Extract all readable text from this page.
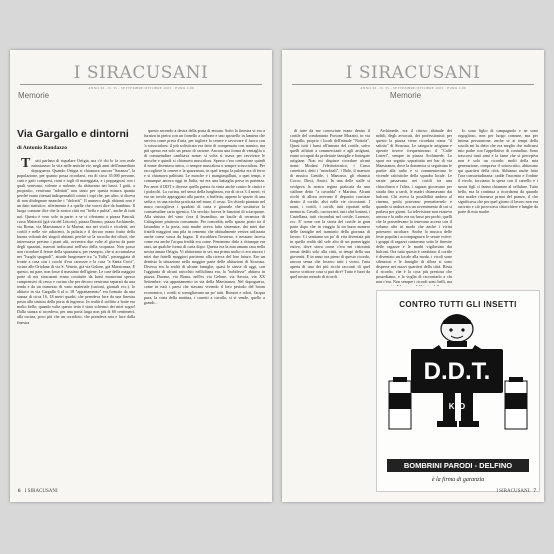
I SIRACUSANI
ANNO XI - N. 55 - SETTEMBRE/OTTOBRE 2005 - EURO 2,00
Memorie
Via Gargallo e dintorni
di Antonio Randazzo

T utti parlano di riqualare Ortigia, ma c'è chi lo fa con reale entusiasmo: la vita nelle antiche vie, negli anni dell'immediato dopoguerra. Quando Ortigia si chiamava ancora "Saranza", la popolazione, per quanto possa ricordarsi, era di circa 35.000 persone, cani e gatti compresi, rioni e togli di mareggiata, e i poppagnosi con i quali venivano, volente o nolente, da abitavano nei bassi. I gatti, a proposito, venivano "adottati" non tanto per questa misura quanto perché erano ritenuti indispensabili contro i topi che, per altro, si diceva di non disdegnare neanche i "dolcetti". Il numero degli abitanti non è un dato statistico: riferimento è a quelle che vorrei dire da bambino. Il luogo comune dice che la nostra città era "bella e pulita", anche di tutti noi. Questo è vero solo in parte: e se ci riferiamo a piazza Pancali, corso Matteotti (già via del Littorio), piazza Duomo, piazza Archimede, via Roma, via Maestranza e la Marina, ma nei vicoli e vicoletti, nei cortili e nelle vie adiacenti, la pulizia e il decoro erano frutto della buona volontà dei singoli abitanti perché so la raccolta dei rifiuti, che interessava persino i piani alti, avveniva due volte al giorno da parte degli spazzini, maestri indiscussi nell'uso della scopazza. Non posso non ricordare il fetore della spazzatura, per esempio, che si accumulava nei "luoghi spagnoli", attuale lungomare tra "a Tullu", passeggiata di fronte a casa con i cocchi d'era carrozze e la cosa "a Santa Croci", vicino alle Ortolane di via S. Veneto, già via Gelone, già Maestranza. E questo, mi pare, non fosse il massimo dell'igiene. Le case della maggior parte di noi siracusani erano costituite da bassi monovani spesso comprensivi di cesso e cucina che per decoro venivano separati da una tenda e da un tramezzo di vario materiale (cartoni, giornali ecc.). Io abitavo in via Gargallo 6 al n. 18 "appartamento" era formato da una stanza di circa 16, 18 metri quadri, che prendeva luce da una finestra posta alla sinistra della porta di ingresso. In realtà il soffitto a botte era molto bello; quando volte questo tetto è stato schermo dei miei sogni! Dalla stanza si accedeva, per una porta larga non più di 60 centimetri, alla cucina, poco più che un corridoio, che prendeva aria e luce dalla finestra

questo secondo a destra della porta di entrata. Sotto la finestra vi era u furnizu in pietra con un fornello a carbone e uno spostello in lamiera che serviva come presa d'aria, per togliere la cenere e ravvivare il fuoco con 'a sciuscialoru: il più sofisticato era fatto di compensato con manico, ma più spesso era solo un pezzo di cartone. Ancora una forma di ventaglio o di consuetudine cambiava nome: si volta si usava per ravvivare le mosche e quindi si chiamava muscaloru. Spesso c'era confusione quindi il nome diventava unico, o sempre muscaloru o sempre sciuscialoru. Per raccogliere la cenere e la spazzatura, in quel tempo la paletta era di ferro e si chiamava palittuni. Le mosche e i mangiaspilluni, a quei tempi, e comunque ancora oggi in Italia, mi era una battaglia persa in partenza. Per aerei il DDT e diverse quella guerra fu vinta anche contro le cimici e i pidocchi. La cucina, nel senso della lunghezza, era di circa 3 4 metri; vi era un tavolo appoggiato alla parete, a buffetta, appena lo spazio di una sedia e, in una nicchia praticata nel muro, il cesso. Un chiodo piantato nel muro raccoglieva i quadrati di carta e giornale che sostituiva la consuetudine carta igienica. Un secchio faceva le funzioni di sciacquone. Alla sinistra del vano c'era il lavandino, un bacile di ceramica di Caltagirone piuttosto consumato. Per comodità, nello spazio posto tra il lavandino e la porta, mia madre aveva fatto sistemare, dai miei due fratelli maggiori una pila in cemento che abitualmente veniva utilizzata anche come vasca da bagno. Il riscaldava l'inverno, e nessuno faceva come era anche l'acqua fredda era come. Fenomeno dirlo a chiunque era anzi, un qualche forma di carta dopo. Questa era la mia umana casa nella nostra amata Ortigia. Vi abitavamo in sei, ma prima molto ci era ancora i miei due fratelli maggiori partirono alla ricerca del loro futuro. Ero un dentista la situazione nella maggior parte delle abitazioni di Siracusa. Diversa era la realtà di alcune famiglie, quasi le stesse di oggi, con l'aggiunta di alcuni arricchiti nell'ultima era, la "nobilesse" abitava in piazza Duomo, via Roma, nell'ex via Gelone, via Savoia, via XX Settembre, via appartamento in via della Maestranza. Nel dopoguerra, come in tutti i paesi che stavano vivendo il loro periodo del boom economico, i cortili si somigliavano un po' tutti. Rumori e odori, l'acqua pura, la carta della mattina, i carretti a cavallo, si si vende, quello a grandi...

6 I SIRACUSANI
I SIRACUSANI
ANNO XI - N. 55 - SETTEMBRE/OTTOBRE 2005 - EURO 2,00
Memorie

di tutte da me conosciute erano dentro il cortile del condominio Portone Mazzini, in via Gargallo, proprio i locali dell'attuale "Nottola". Quasi tutti i bassi all'interno del cortile, salvo quelli affittati a commercianti e agli artigiani, erano occupati da proletarie famiglie e bottegaie artigiane. Non mi dispiace ricordare alcuni nomi: Modani l'elettrotecnico, i Cusso carrettieri, detti i "minchiali", i Balo, il maestro di musica Gentile, i Mancuso, gli ebanisti Cocco, Dieci, Amici. In una delle stalle si svolgeva la nostra regina praticata da una stallone detto "a cavadda" e Martina. Alcuni ricchi di allora avevano il deposito carrozze dentro il cortile, altri nelle vie circostanti. I nomi, i cortili, i cortili, tutti riportati nella memoria. Cavalli, carrozzieri, tutti altri lontani, i Castellana, tutti circondati nel cortile, Lorenzo, ecc. E' come con la storia del cortile in gran parte dopo che in viaggio la un buon numero delle famiglie nel tramonto della giornata di lavoro. Ci sentiamo un po' di vita diventata più in quella realtà dal sole alto di un pomeriggio estivo, dove stava come c'era nei ristoranti ormai dediti solo alla città, ai tempi della sua gioventù. E in anno ora pieno di questo ricordo, ancora senza che fossero tutti i vicini, l'aria aperta di uno dei più ricchi racconti di quel nuovo scrittore cosa si può dire? Tutto è fuori da quel nostro mondo di ricordi.

Archimede, era il ritrovo abituale dei nobili, degli avvocati, dei professionisti; per questo la piazza viene ricordata come "il salotto" di Siracusa. Le categorie artigiane e operaie invece frequentavano il "Caffè Lisieri", sempre in piazza Archimede. Lo sport era seguito soprattutto nei bar di via Maestranza, dove la domenica si seguivano le partite alla radio e si commentavano le vicende calcistiche della squadra locale. Le serate passavano nei cortili tra una chiacchiera e l'altra, i ragazzi giocavano per strada fino a tardi, le madri chiamavano dai balconi. Chi aveva la possibilità andava al cinema, pochi potevano permetterselo e quando si andava era un avvenimento di cui si parlava per giorni. La televisione non esisteva ancora e la radio era un lusso per pochi; quelli che la possedevano la tenevano accesa con il volume alto in modo che anche i vicini potessero ascoltare. Anche la musica delle feste popolari accompagnava le serate estive: i gruppi di ragazzi cantavano sotto le finestre delle ragazze e le madri vigilavano dai balconi. Ora tutto questo è cambiato: il cortile è diventato un locale alla moda, i vicoli sono silenziosi e le famiglie di allora si sono disperse nei nuovi quartieri della città. Resta il ricordo, che è la cosa più preziosa che possediamo, e la voglia di raccontarlo a chi non c'era. Non sempre i ricordi sono belli, ma

Io sono figlio di campagnolo e ne sono orgoglioso, non per luogo comune, ma per intima persuasione, anche se ai tempi della scuola mi fu detto che era meglio che indicassi mio padre con l'appellativo di contadino. Sono trascorsi tanti anni e la fame che si percepiva non è solo un ricordo: molti della mia generazione, compresa il sottoscritto, abitavano qui quartieri della città. Abbiamo anche fatto l'ora consuetudinaria: cadde l'incontro e l'ordine il rivolo, facciamo la spesa con il carrello e i nostri figli ci fanno chiamare al cellulare. Tutto bello, ma la continua a ricordarmi da quando mia madre ritornava prima del pranzo, il che significava che per quel giorno il lavoro non era arrivato e ciò provocava chiacchiere e lunghe da parte di mio madre.

CONTRO TUTTI GLI INSETTI
D.D.T.
KFD
BOMBRINI PARODI - DELFINO
è la firma di garanzia
I SIRACUSANI 7
